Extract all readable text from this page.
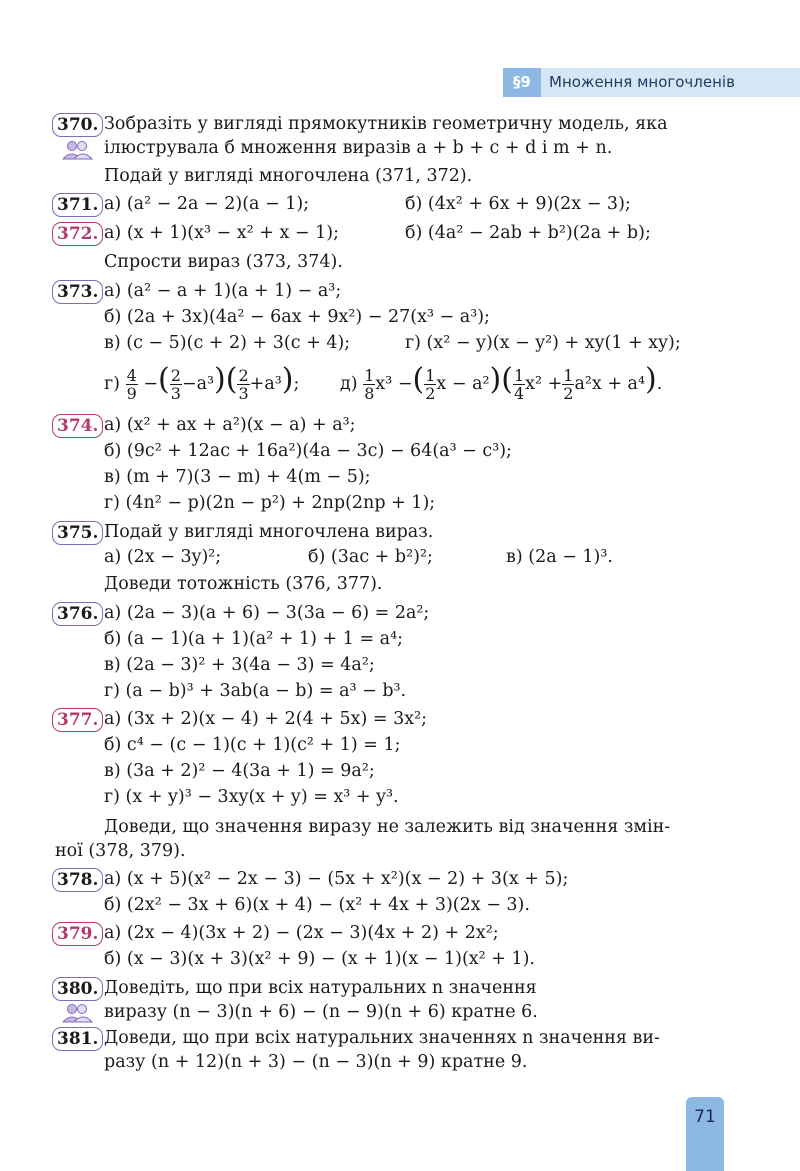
§9	Множення многочленів
370. Зобразіть у вигляді прямокутників геометричну модель, яка
ілюструвала б множення виразів a + b + c + d і m + n.
Подай у вигляді многочлена (371, 372).
371. а) (a² − 2a − 2)(a − 1);	б) (4x² + 6x + 9)(2x − 3);
372. а) (x + 1)(x³ − x² + x − 1);	б) (4a² − 2ab + b²)(2a + b);
Спрости вираз (373, 374).
373. а) (a² − a + 1)(a + 1) − a³;
б) (2a + 3x)(4a² − 6ax + 9x²) − 27(x³ − a³);
в) (c − 5)(c + 2) + 3(c + 4);	г) (x² − y)(x − y²) + xy(1 + xy);
$г) \frac{4}{9}$ −( $\frac{2}{3} -a^3)( \frac{2}{3} +a^3)$; $д) \frac{1}{8} x^3$ −( $\frac{1}{2}$ $x - a^2)( \frac{1}{4} x^2 + \frac{1}{2} a^2x + a^4)$.
374. а) (x² + ax + a²)(x − a) + a³;
б) (9c² + 12ac + 16a²)(4a − 3c) − 64(a³ − c³);
в) (m + 7)(3 − m) + 4(m − 5);
г) (4n² − p)(2n − p²) + 2np(2np + 1);
375. Подай у вигляді многочлена вираз.
а) (2x − 3y)²;	б) (3ac + b²)²;	в) (2a − 1)³.
Доведи тотожність (376, 377).
376. а) (2a − 3)(a + 6) − 3(3a − 6) = 2a²;
б) (a − 1)(a + 1)(a² + 1) + 1 = a⁴;
в) (2a − 3)² + 3(4a − 3) = 4a²;
г) (a − b)³ + 3ab(a − b) = a³ − b³.
377. а) (3x + 2)(x − 4) + 2(4 + 5x) = 3x²;
б) c⁴ − (c − 1)(c + 1)(c² + 1) = 1;
в) (3a + 2)² − 4(3a + 1) = 9a²;
г) (x + y)³ − 3xy(x + y) = x³ + y³.
Доведи, що значення виразу не залежить від значення змін-
ної (378, 379).
378. а) (x + 5)(x² − 2x − 3) − (5x + x²)(x − 2) + 3(x + 5);
б) (2x² − 3x + 6)(x + 4) − (x² + 4x + 3)(2x − 3).
379. а) (2x − 4)(3x + 2) − (2x − 3)(4x + 2) + 2x²;
б) (x − 3)(x + 3)(x² + 9) − (x + 1)(x − 1)(x² + 1).
380. Доведіть, що при всіх натуральних n значення
виразу (n − 3)(n + 6) − (n − 9)(n + 6) кратне 6.
381. Доведи, що при всіх натуральних значеннях n значення ви-
разу (n + 12)(n + 3) − (n − 3)(n + 9) кратне 9.
71
